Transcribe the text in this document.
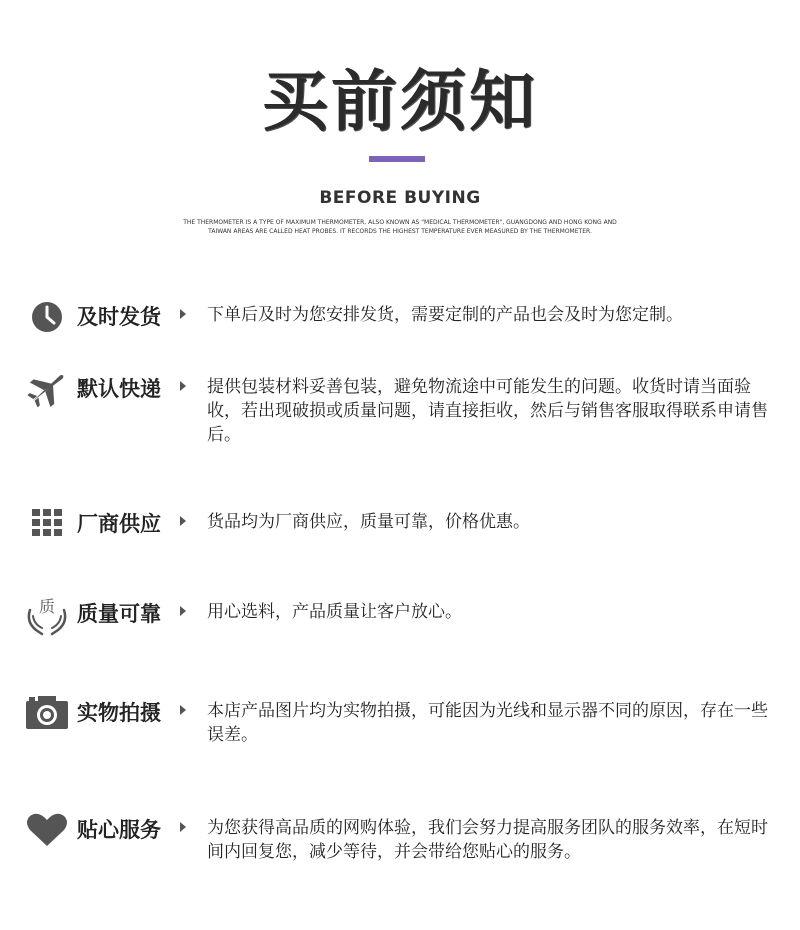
买前须知
BEFORE BUYING
THE THERMOMETER IS A TYPE OF MAXIMUM THERMOMETER, ALSO KNOWN AS "MEDICAL THERMOMETER", GUANGDONG AND HONG KONG AND TAIWAN AREAS ARE CALLED HEAT PROBES. IT RECORDS THE HIGHEST TEMPERATURE EVER MEASURED BY THE THERMOMETER.
及时发货	下单后及时为您安排发货，需要定制的产品也会及时为您定制。
默认快递	提供包装材料妥善包装，避免物流途中可能发生的问题。收货时请当面验收，若出现破损或质量问题，请直接拒收，然后与销售客服取得联系申请售后。
厂商供应	货品均为厂商供应，质量可靠，价格优惠。
质 质量可靠	用心选料，产品质量让客户放心。
实物拍摄	本店产品图片均为实物拍摄，可能因为光线和显示器不同的原因，存在一些误差。
贴心服务	为您获得高品质的网购体验，我们会努力提高服务团队的服务效率，在短时间内回复您，减少等待，并会带给您贴心的服务。
